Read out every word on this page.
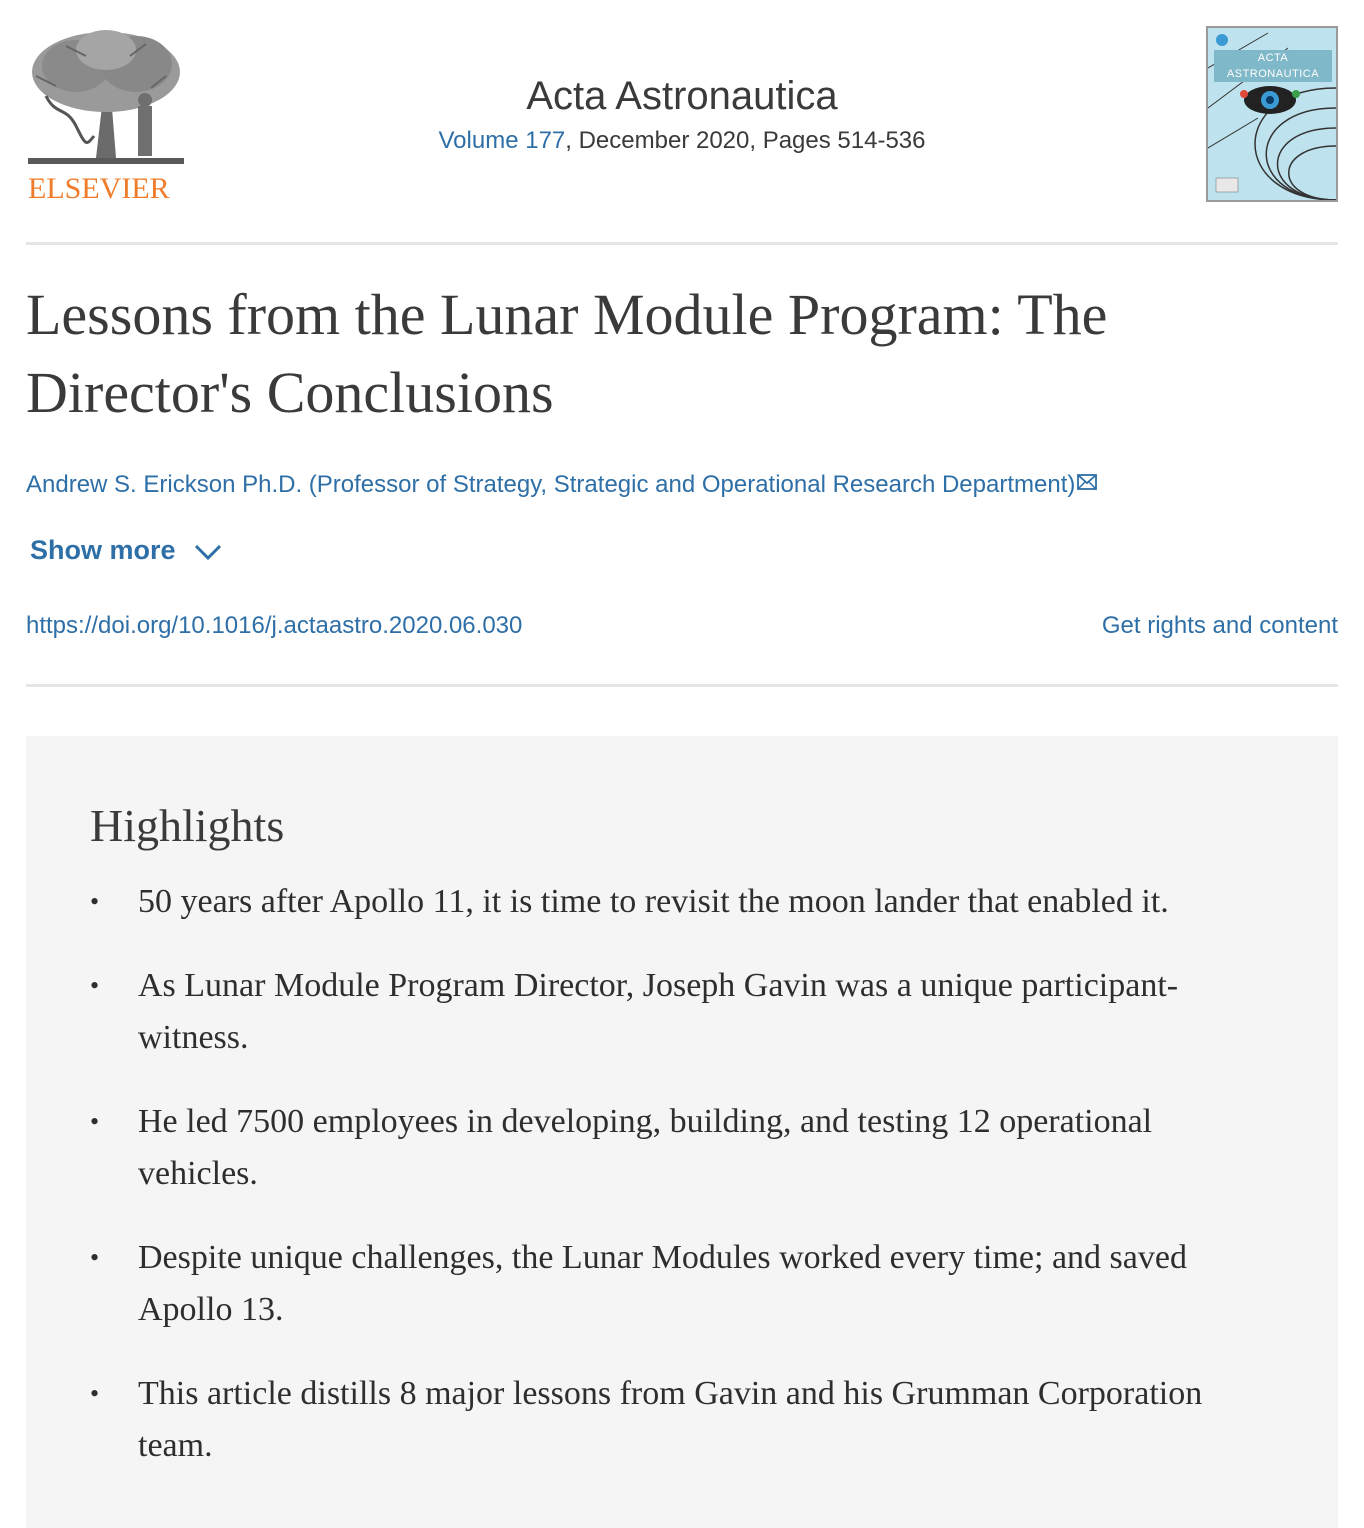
ELSEVIER
Acta Astronautica
Volume 177, December 2020, Pages 514-536
ACTA ASTRONAUTICA
Lessons from the Lunar Module Program: The Director's Conclusions
Andrew S. Erickson Ph.D. (Professor of Strategy, Strategic and Operational Research Department)
Show more
https://doi.org/10.1016/j.actaastro.2020.06.030	Get rights and content
Highlights
• 50 years after Apollo 11, it is time to revisit the moon lander that enabled it.
• As Lunar Module Program Director, Joseph Gavin was a unique participant-witness.
• He led 7500 employees in developing, building, and testing 12 operational vehicles.
• Despite unique challenges, the Lunar Modules worked every time; and saved Apollo 13.
• This article distills 8 major lessons from Gavin and his Grumman Corporation team.
